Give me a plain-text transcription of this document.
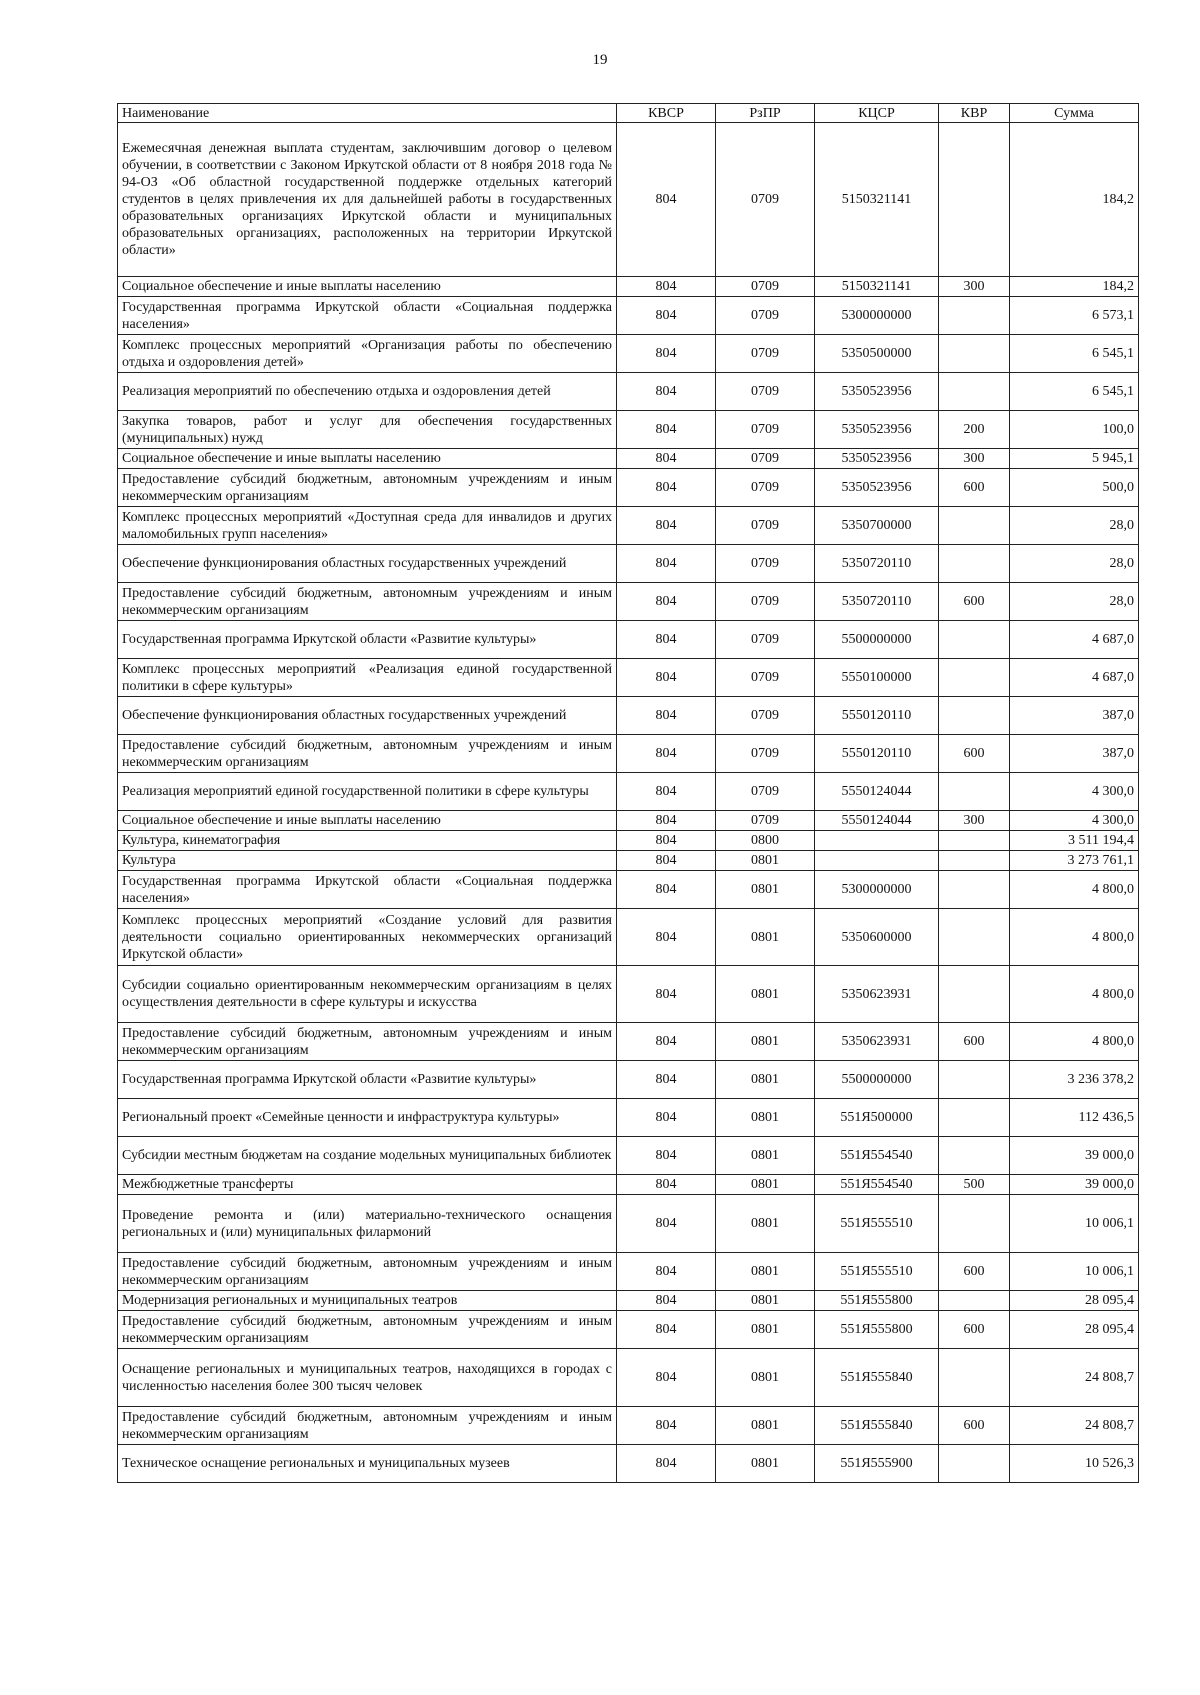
19
Наименование	КВСР	РзПР	КЦСР	КВР	Сумма
Ежемесячная денежная выплата студентам, заключившим договор о целевом обучении, в соответствии с Законом Иркутской области от 8 ноября 2018 года № 94-ОЗ «Об областной государственной поддержке отдельных категорий студентов в целях привлечения их для дальнейшей работы в государственных образовательных организациях Иркутской области и муниципальных образовательных организациях, расположенных на территории Иркутской области»	804	0709	5150321141		184,2
Социальное обеспечение и иные выплаты населению	804	0709	5150321141	300	184,2
Государственная программа Иркутской области «Социальная поддержка населения»	804	0709	5300000000		6 573,1
Комплекс процессных мероприятий «Организация работы по обеспечению отдыха и оздоровления детей»	804	0709	5350500000		6 545,1
Реализация мероприятий по обеспечению отдыха и оздоровления детей	804	0709	5350523956		6 545,1
Закупка товаров, работ и услуг для обеспечения государственных (муниципальных) нужд	804	0709	5350523956	200	100,0
Социальное обеспечение и иные выплаты населению	804	0709	5350523956	300	5 945,1
Предоставление субсидий бюджетным, автономным учреждениям и иным некоммерческим организациям	804	0709	5350523956	600	500,0
Комплекс процессных мероприятий «Доступная среда для инвалидов и других маломобильных групп населения»	804	0709	5350700000		28,0
Обеспечение функционирования областных государственных учреждений	804	0709	5350720110		28,0
Предоставление субсидий бюджетным, автономным учреждениям и иным некоммерческим организациям	804	0709	5350720110	600	28,0
Государственная программа Иркутской области «Развитие культуры»	804	0709	5500000000		4 687,0
Комплекс процессных мероприятий «Реализация единой государственной политики в сфере культуры»	804	0709	5550100000		4 687,0
Обеспечение функционирования областных государственных учреждений	804	0709	5550120110		387,0
Предоставление субсидий бюджетным, автономным учреждениям и иным некоммерческим организациям	804	0709	5550120110	600	387,0
Реализация мероприятий единой государственной политики в сфере культуры	804	0709	5550124044		4 300,0
Социальное обеспечение и иные выплаты населению	804	0709	5550124044	300	4 300,0
Культура, кинематография	804	0800			3 511 194,4
Культура	804	0801			3 273 761,1
Государственная программа Иркутской области «Социальная поддержка населения»	804	0801	5300000000		4 800,0
Комплекс процессных мероприятий «Создание условий для развития деятельности социально ориентированных некоммерческих организаций Иркутской области»	804	0801	5350600000		4 800,0
Субсидии социально ориентированным некоммерческим организациям в целях осуществления деятельности в сфере культуры и искусства	804	0801	5350623931		4 800,0
Предоставление субсидий бюджетным, автономным учреждениям и иным некоммерческим организациям	804	0801	5350623931	600	4 800,0
Государственная программа Иркутской области «Развитие культуры»	804	0801	5500000000		3 236 378,2
Региональный проект «Семейные ценности и инфраструктура культуры»	804	0801	551Я500000		112 436,5
Субсидии местным бюджетам на создание модельных муниципальных библиотек	804	0801	551Я554540		39 000,0
Межбюджетные трансферты	804	0801	551Я554540	500	39 000,0
Проведение ремонта и (или) материально-технического оснащения региональных и (или) муниципальных филармоний	804	0801	551Я555510		10 006,1
Предоставление субсидий бюджетным, автономным учреждениям и иным некоммерческим организациям	804	0801	551Я555510	600	10 006,1
Модернизация региональных и муниципальных театров	804	0801	551Я555800		28 095,4
Предоставление субсидий бюджетным, автономным учреждениям и иным некоммерческим организациям	804	0801	551Я555800	600	28 095,4
Оснащение региональных и муниципальных театров, находящихся в городах с численностью населения более 300 тысяч человек	804	0801	551Я555840		24 808,7
Предоставление субсидий бюджетным, автономным учреждениям и иным некоммерческим организациям	804	0801	551Я555840	600	24 808,7
Техническое оснащение региональных и муниципальных музеев	804	0801	551Я555900		10 526,3
